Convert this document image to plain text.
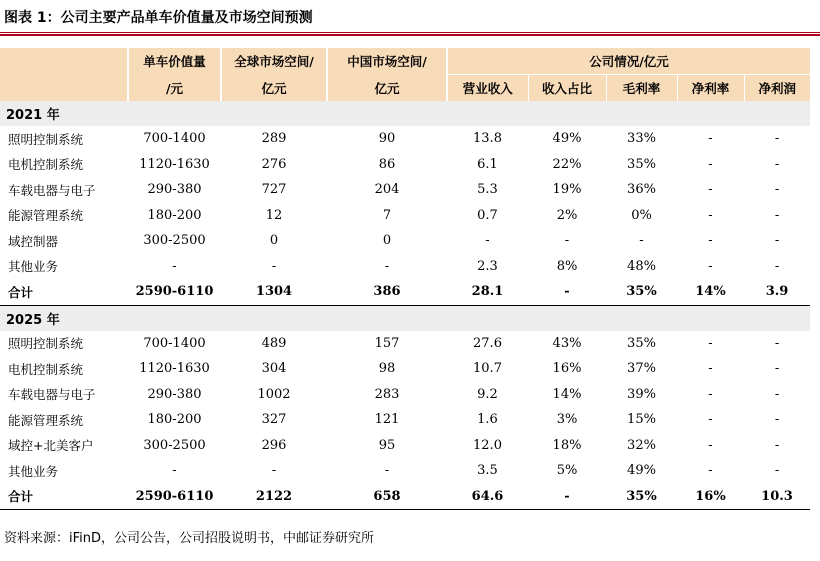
图表 1：公司主要产品单车价值量及市场空间预测
	单车价值量	全球市场空间/	中国市场空间/	公司情况/亿元				
	/元	亿元	亿元	营业收入	收入占比	毛利率	净利率	净利润
2021 年								
照明控制系统	700-1400	289	90	13.8	49%	33%	-	-
电机控制系统	1120-1630	276	86	6.1	22%	35%	-	-
车载电器与电子	290-380	727	204	5.3	19%	36%	-	-
能源管理系统	180-200	12	7	0.7	2%	0%	-	-
域控制器	300-2500	0	0	-	-	-	-	-
其他业务	-	-	-	2.3	8%	48%	-	-
合计	2590-6110	1304	386	28.1	-	35%	14%	3.9
2025 年								
照明控制系统	700-1400	489	157	27.6	43%	35%	-	-
电机控制系统	1120-1630	304	98	10.7	16%	37%	-	-
车载电器与电子	290-380	1002	283	9.2	14%	39%	-	-
能源管理系统	180-200	327	121	1.6	3%	15%	-	-
域控+北美客户	300-2500	296	95	12.0	18%	32%	-	-
其他业务	-	-	-	3.5	5%	49%	-	-
合计	2590-6110	2122	658	64.6	-	35%	16%	10.3
资料来源：iFinD，公司公告，公司招股说明书，中邮证券研究所
